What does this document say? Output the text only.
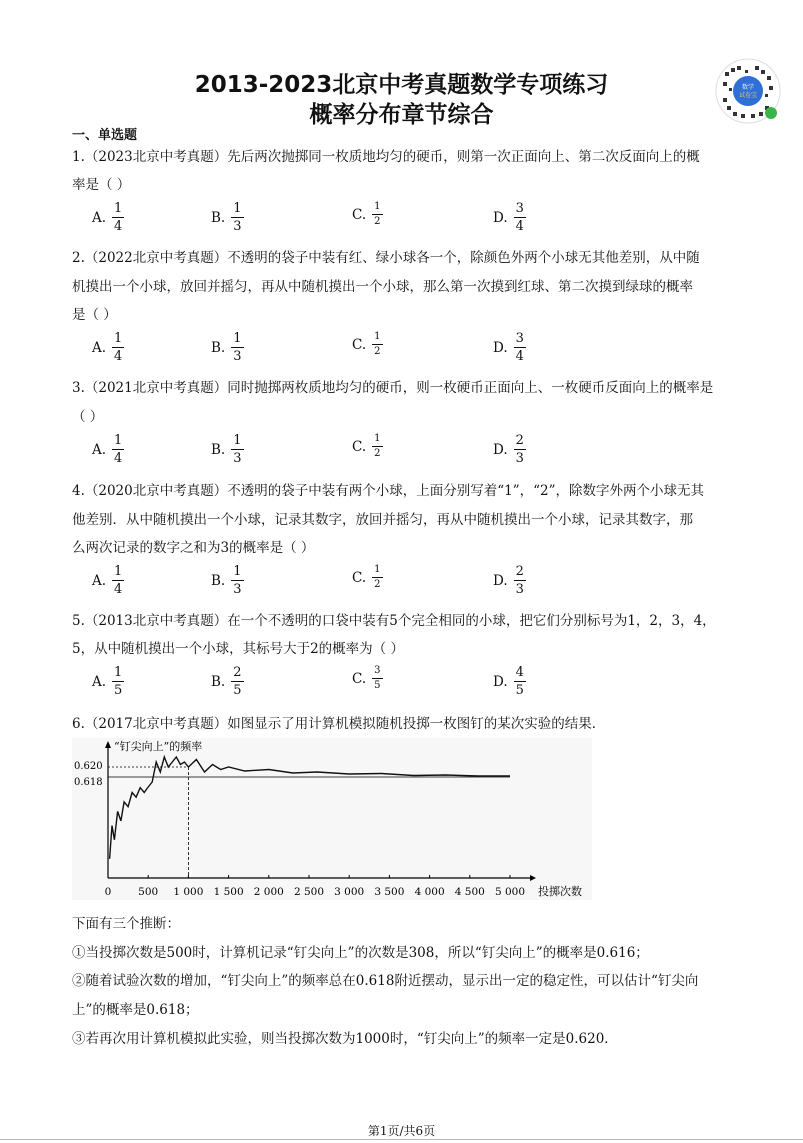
2013-2023北京中考真题数学专项练习
概率分布章节综合
数学
试卷宝
一、单选题
1.（2023北京中考真题）先后两次抛掷同一枚质地均匀的硬币，则第一次正面向上、第二次反面向上的概
率是（ ）
2.（2022北京中考真题）不透明的袋子中装有红、绿小球各一个，除颜色外两个小球无其他差别，从中随
机摸出一个小球，放回并摇匀，再从中随机摸出一个小球，那么第一次摸到红球、第二次摸到绿球的概率
是（ ）
3.（2021北京中考真题）同时抛掷两枚质地均匀的硬币，则一枚硬币正面向上、一枚硬币反面向上的概率是
（ ）
4.（2020北京中考真题）不透明的袋子中装有两个小球，上面分别写着“1”，“2”，除数字外两个小球无其
他差别．从中随机摸出一个小球，记录其数字，放回并摇匀，再从中随机摸出一个小球，记录其数字，那
么两次记录的数字之和为3的概率是（ ）
5.（2013北京中考真题）在一个不透明的口袋中装有5个完全相同的小球，把它们分别标号为1，2，3，4，
5，从中随机摸出一个小球，其标号大于2的概率为（ ）
6.（2017北京中考真题）如图显示了用计算机模拟随机投掷一枚图钉的某次实验的结果．
“钉尖向上”的频率
投掷次数
0.620
0.618
0	500 1 000 1 500 2 000 2 500 3 000 3 500 4 000 4 500 5 000
下面有三个推断：
①当投掷次数是500时，计算机记录“钉尖向上”的次数是308，所以“钉尖向上”的概率是0.616；
②随着试验次数的增加，“钉尖向上”的频率总在0.618附近摆动，显示出一定的稳定性，可以估计“钉尖向
上”的概率是0.618；
③若再次用计算机模拟此实验，则当投掷次数为1000时，“钉尖向上”的频率一定是0.620．
第1页/共6页
A. $\frac{1}{4}$	B. $\frac{1}{3}$	C. $\frac{1}{2}$	D. $\frac{3}{4}$
A. $\frac{1}{4}$	B. $\frac{1}{3}$	C. $\frac{1}{2}$	D. $\frac{3}{4}$
A. $\frac{1}{4}$	B. $\frac{1}{3}$	C. $\frac{1}{2}$	D. $\frac{2}{3}$
A. $\frac{1}{4}$	B. $\frac{1}{3}$	C. $\frac{1}{2}$	D. $\frac{2}{3}$
A. $\frac{1}{5}$	B. $\frac{2}{5}$	C. $\frac{3}{5}$	D. $\frac{4}{5}$
